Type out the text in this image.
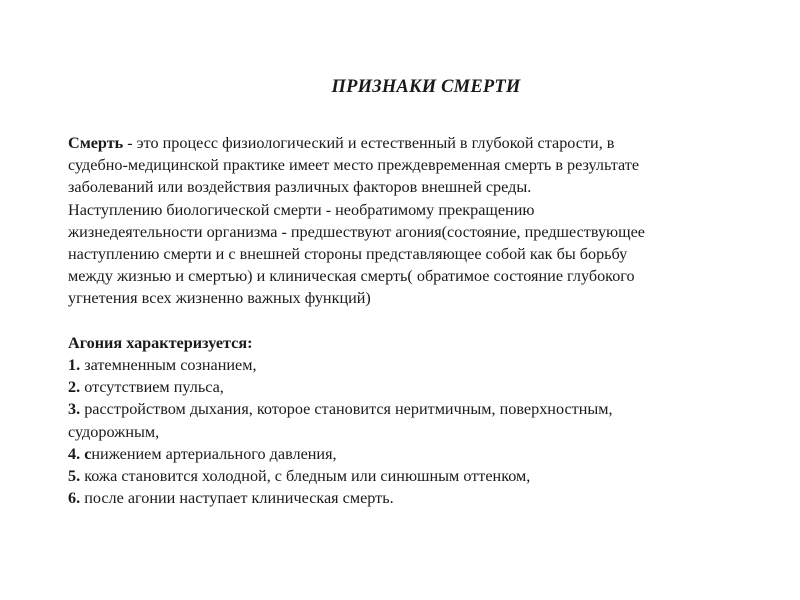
ПРИЗНАКИ СМЕРТИ

Смерть - это процесс физиологический и естественный в глубокой старости, в

судебно-медицинской практике имеет место преждевременная смерть в результате

заболеваний или воздействия различных факторов внешней среды.

Наступлению биологической смерти - необратимому прекращению

жизнедеятельности организма - предшествуют агония(состояние, предшествующее

наступлению смерти и с внешней стороны представляющее собой как бы борьбу

между жизнью и смертью) и клиническая смерть( обратимое состояние глубокого

угнетения всех жизненно важных функций)

Агония характеризуется:

1. затемненным сознанием,

2. отсутствием пульса,

3. расстройством дыхания, которое становится неритмичным, поверхностным,

судорожным,

4. снижением артериального давления,

5. кожа становится холодной, с бледным или синюшным оттенком,

6. после агонии наступает клиническая смерть.
